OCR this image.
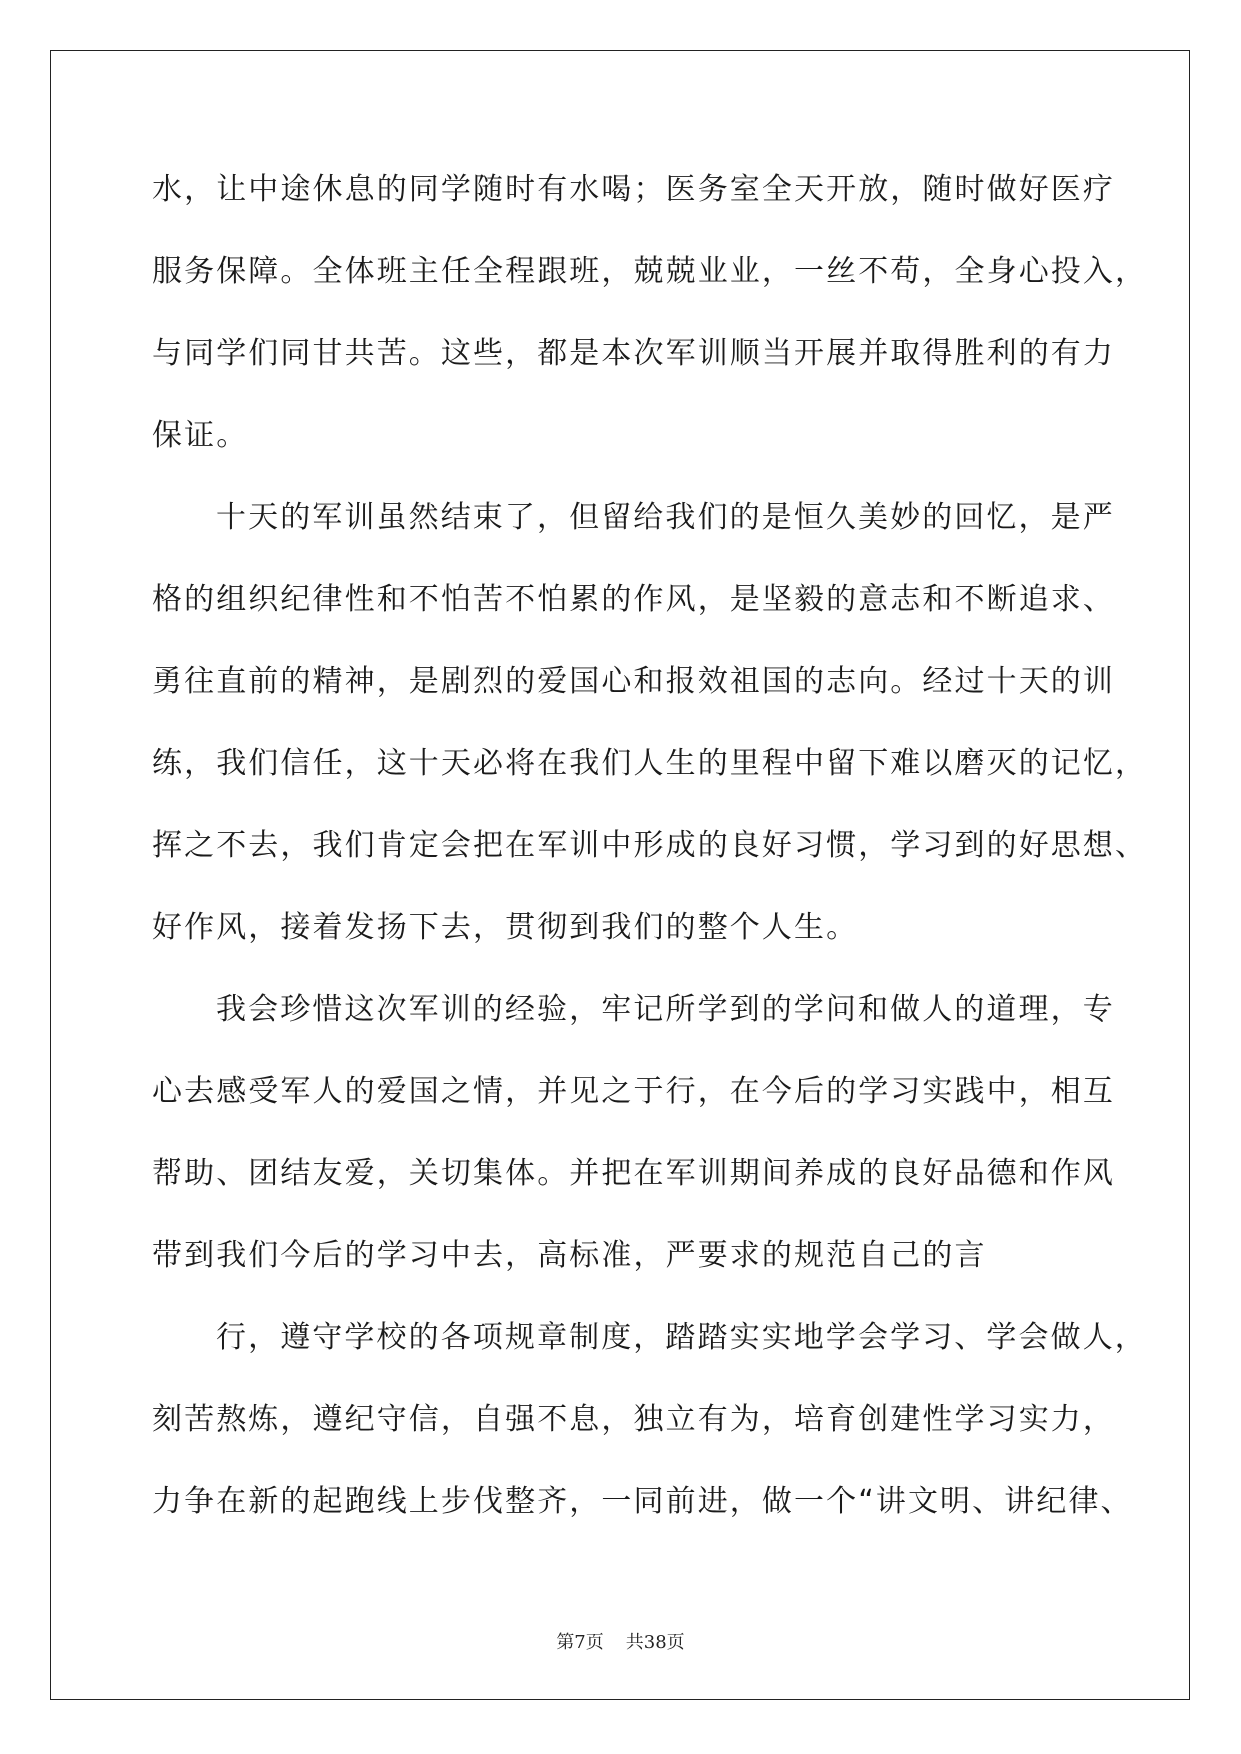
水，让中途休息的同学随时有水喝；医务室全天开放，随时做好医疗
服务保障。全体班主任全程跟班，兢兢业业，一丝不苟，全身心投入，
与同学们同甘共苦。这些，都是本次军训顺当开展并取得胜利的有力
保证。
十天的军训虽然结束了，但留给我们的是恒久美妙的回忆，是严
格的组织纪律性和不怕苦不怕累的作风，是坚毅的意志和不断追求、
勇往直前的精神，是剧烈的爱国心和报效祖国的志向。经过十天的训
练，我们信任，这十天必将在我们人生的里程中留下难以磨灭的记忆，
挥之不去，我们肯定会把在军训中形成的良好习惯，学习到的好思想、
好作风，接着发扬下去，贯彻到我们的整个人生。
我会珍惜这次军训的经验，牢记所学到的学问和做人的道理，专
心去感受军人的爱国之情，并见之于行，在今后的学习实践中，相互
帮助、团结友爱，关切集体。并把在军训期间养成的良好品德和作风
带到我们今后的学习中去，高标准，严要求的规范自己的言
行，遵守学校的各项规章制度，踏踏实实地学会学习、学会做人，
刻苦熬炼，遵纪守信，自强不息，独立有为，培育创建性学习实力，
力争在新的起跑线上步伐整齐，一同前进，做一个“讲文明、讲纪律、
第7页 共38页
